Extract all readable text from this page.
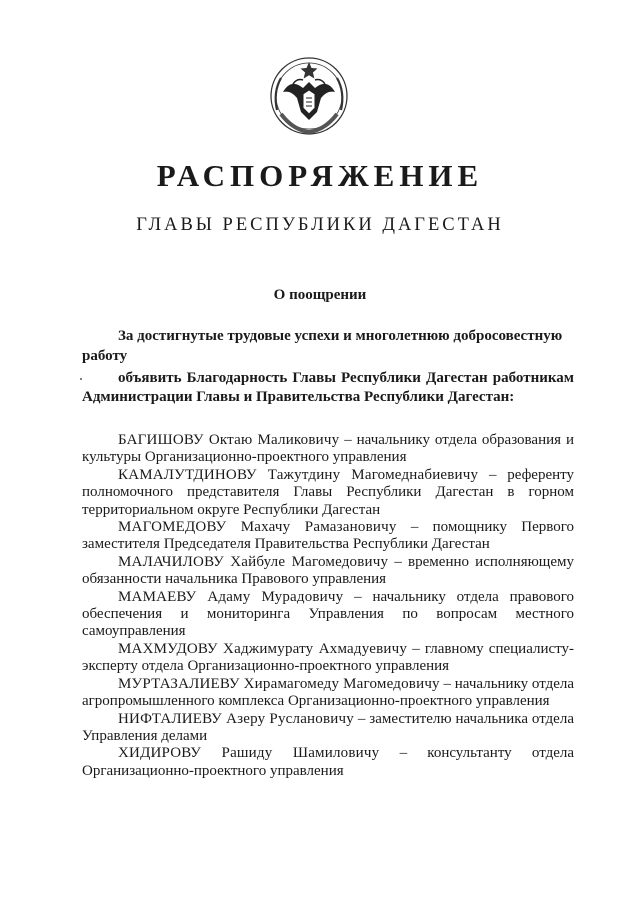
РАСПОРЯЖЕНИЕ
ГЛАВЫ РЕСПУБЛИКИ ДАГЕСТАН
О поощрении
За достигнутые трудовые успехи и многолетнюю добросовестную работу
объявить Благодарность Главы Республики Дагестан работникам Администрации Главы и Правительства Республики Дагестан:
БАГИШОВУ Октаю Маликовичу – начальнику отдела образования и культуры Организационно-проектного управления
КАМАЛУТДИНОВУ Тажутдину Магомеднабиевичу – референту полномочного представителя Главы Республики Дагестан в горном территориальном округе Республики Дагестан
МАГОМЕДОВУ Махачу Рамазановичу – помощнику Первого заместителя Председателя Правительства Республики Дагестан
МАЛАЧИЛОВУ Хайбуле Магомедовичу – временно исполняющему обязанности начальника Правового управления
МАМАЕВУ Адаму Мурадовичу – начальнику отдела правового обеспечения и мониторинга Управления по вопросам местного самоуправления
МАХМУДОВУ Хаджимурату Ахмадуевичу – главному специалисту-эксперту отдела Организационно-проектного управления
МУРТАЗАЛИЕВУ Хирамагомеду Магомедовичу – начальнику отдела агропромышленного комплекса Организационно-проектного управления
НИФТАЛИЕВУ Азеру Руслановичу – заместителю начальника отдела Управления делами
ХИДИРОВУ Рашиду Шамиловичу – консультанту отдела Организационно-проектного управления
